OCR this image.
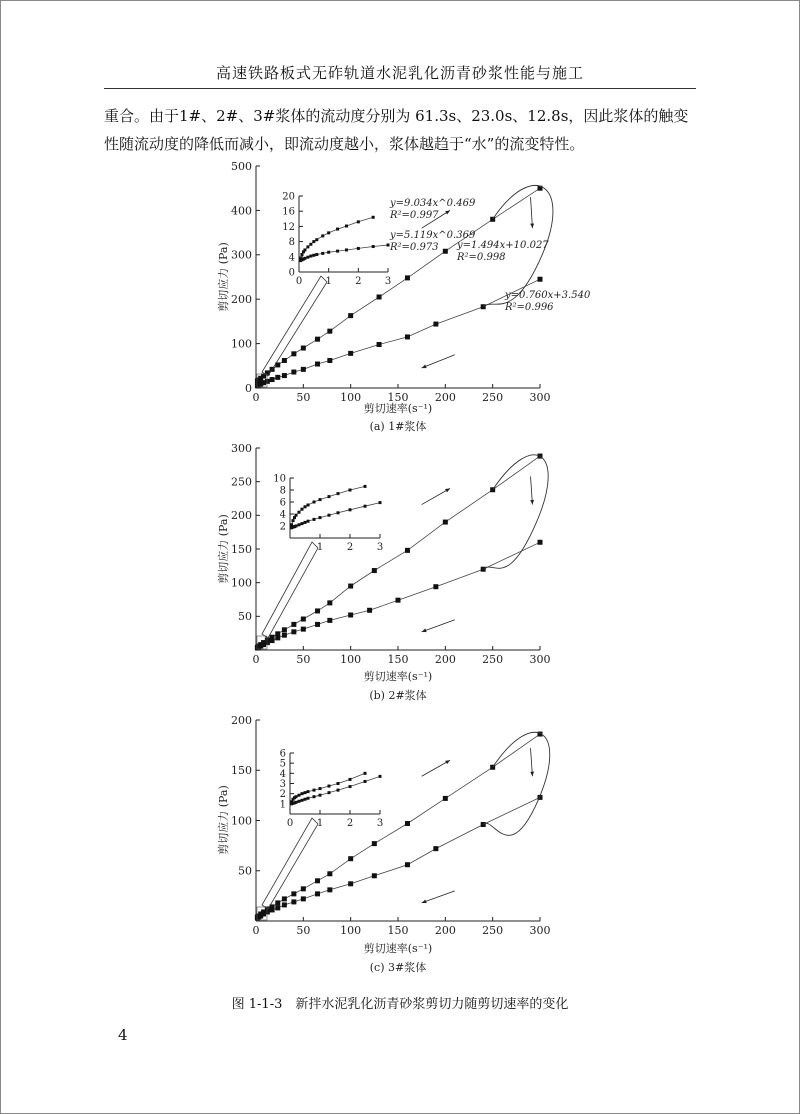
高速铁路板式无砟轨道水泥乳化沥青砂浆性能与施工

重合。由于1#、2#、3#浆体的流动度分别为 61.3s、23.0s、12.8s，因此浆体的触变

性随流动度的降低而减小，即流动度越小，浆体越趋于“水”的流变特性。

0	50	100 150 200 250 300
0
100
200
300
400
500
0 1 2 3
0
4
8
12
16
20
y=1.494x+10.027
R²=0.998
y=0.760x+3.540
R²=0.996
y=9.034x^0.469
R²=0.997
y=5.119x^0.369
R²=0.973
剪切应力 (Pa)
剪切速率(s⁻¹)
(a) 1#浆体
0	50	100 150 200 250 300
50
100
150
200
250
300
1 2 3
2
4
6
8
10
剪切应力 (Pa)
剪切速率(s⁻¹)
(b) 2#浆体
0	50	100 150 200 250 300
50
100
150
200
0 1 2 3
1
2
3
4
5
6
剪切应力 (Pa)
剪切速率(s⁻¹)
(c) 3#浆体
图 1-1-3　新拌水泥乳化沥青砂浆剪切力随剪切速率的变化
4
